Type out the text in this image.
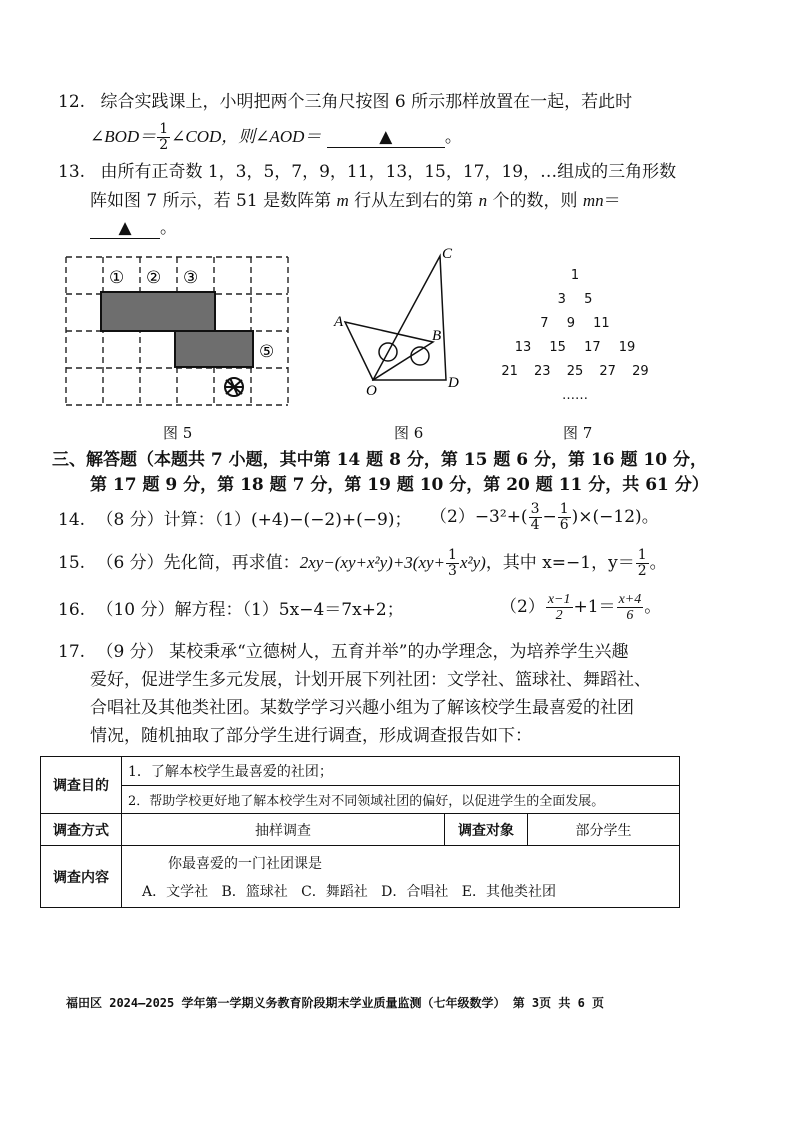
12. 综合实践课上，小明把两个三角尺按图 6 所示那样放置在一起，若此时
∠BOD＝ $\frac{1}{2}$ ∠COD，则∠AOD＝	▲	。
13. 由所有正奇数 1，3，5，7，9，11，13，15，17，19，…组成的三角形数
阵如图 7 所示，若 51 是数阵第 m 行从左到右的第 n 个的数，则 mn＝
▲ 。
① ② ③
⑤
图 5
C
A
B
O	D
图 6
1
3 5
7 9 11
13 15 17 19
21 23 25 27 29
……
图 7
三、解答题（本题共 7 小题，其中第 14 题 8 分，第 15 题 6 分，第 16 题 10 分，
第 17 题 9 分，第 18 题 7 分，第 19 题 10 分，第 20 题 11 分，共 61 分）
14. （8 分）计算：（1）(+4)−(−2)+(−9)； $(2)-3^2+( \frac{3}{4} - \frac{1}{6} )\times(-12)$。
15. （6 分）先化简，再求值：$2xy-(xy+x^2y)+3(xy+ \frac{1}{3} x^2y)$，其中 x=−1，$y= \frac{1}{2}$ 。
16. （10 分）解方程：（1）5x−4＝7x+2；	$(2) \frac{x-1}{2} +1= \frac{x+4}{6}$ 。
17. （9 分） 某校秉承“立德树人，五育并举”的办学理念，为培养学生兴趣
爱好，促进学生多元发展，计划开展下列社团：文学社、篮球社、舞蹈社、
合唱社及其他类社团。某数学学习兴趣小组为了解该校学生最喜爱的社团
情况，随机抽取了部分学生进行调查，形成调查报告如下：
调查目的	1．了解本校学生最喜爱的社团；		
	2．帮助学校更好地了解本校学生对不同领域社团的偏好，以促进学生的全面发展。		
调查方式	抽样调查	调查对象	部分学生
调查内容	你最喜爱的一门社团课是
A．文学社   B．篮球社   C．舞蹈社   D．合唱社   E．其他类社团		
福田区 2024—2025 学年第一学期义务教育阶段期末学业质量监测（七年级数学） 第 3页 共 6 页
